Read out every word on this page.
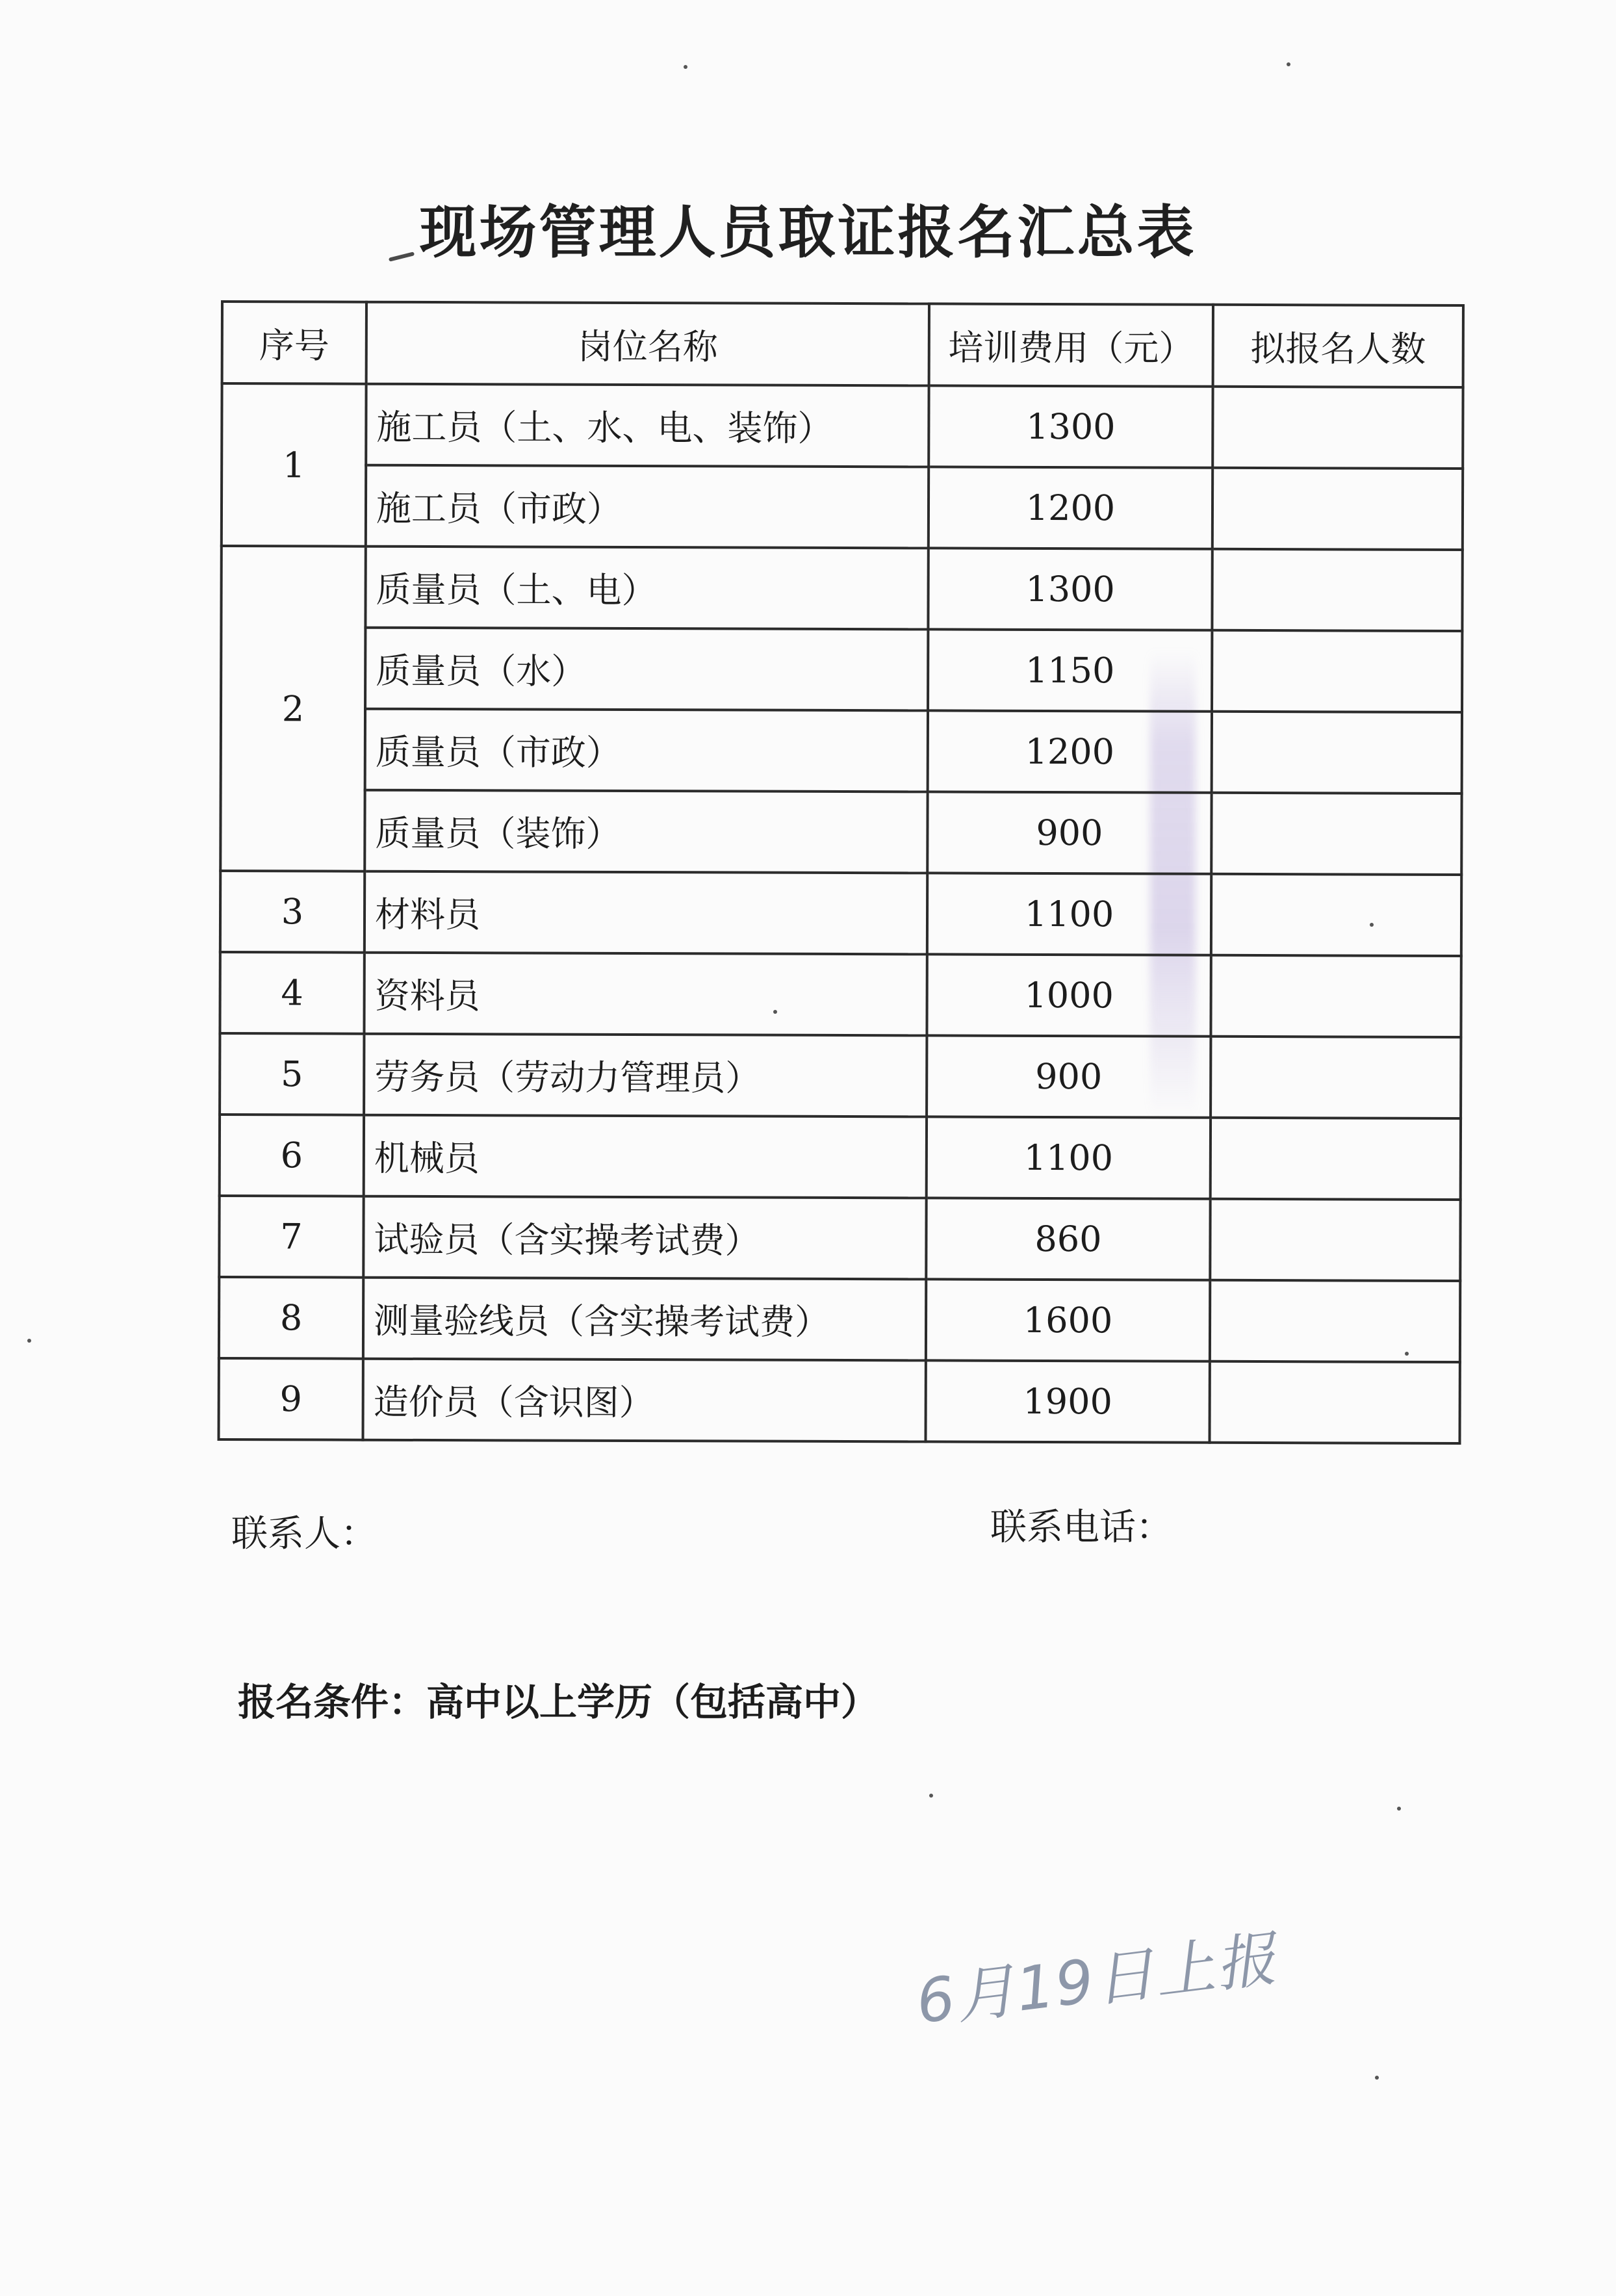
现场管理人员取证报名汇总表
序号	岗位名称	培训费用（元）	拟报名人数
1	施工员（土、水、电、装饰）	1300	
	施工员（市政）	1200	
2	质量员（土、电）	1300	
	质量员（水）	1150	
	质量员（市政）	1200	
	质量员（装饰）	900	
3	材料员	1100	
4	资料员	1000	
5	劳务员（劳动力管理员）	900	
6	机械员	1100	
7	试验员（含实操考试费）	860	
8	测量验线员（含实操考试费）	1600	
9	造价员（含识图）	1900	
联系人：	联系电话：
报名条件：高中以上学历（包括高中）
6月19日上报
